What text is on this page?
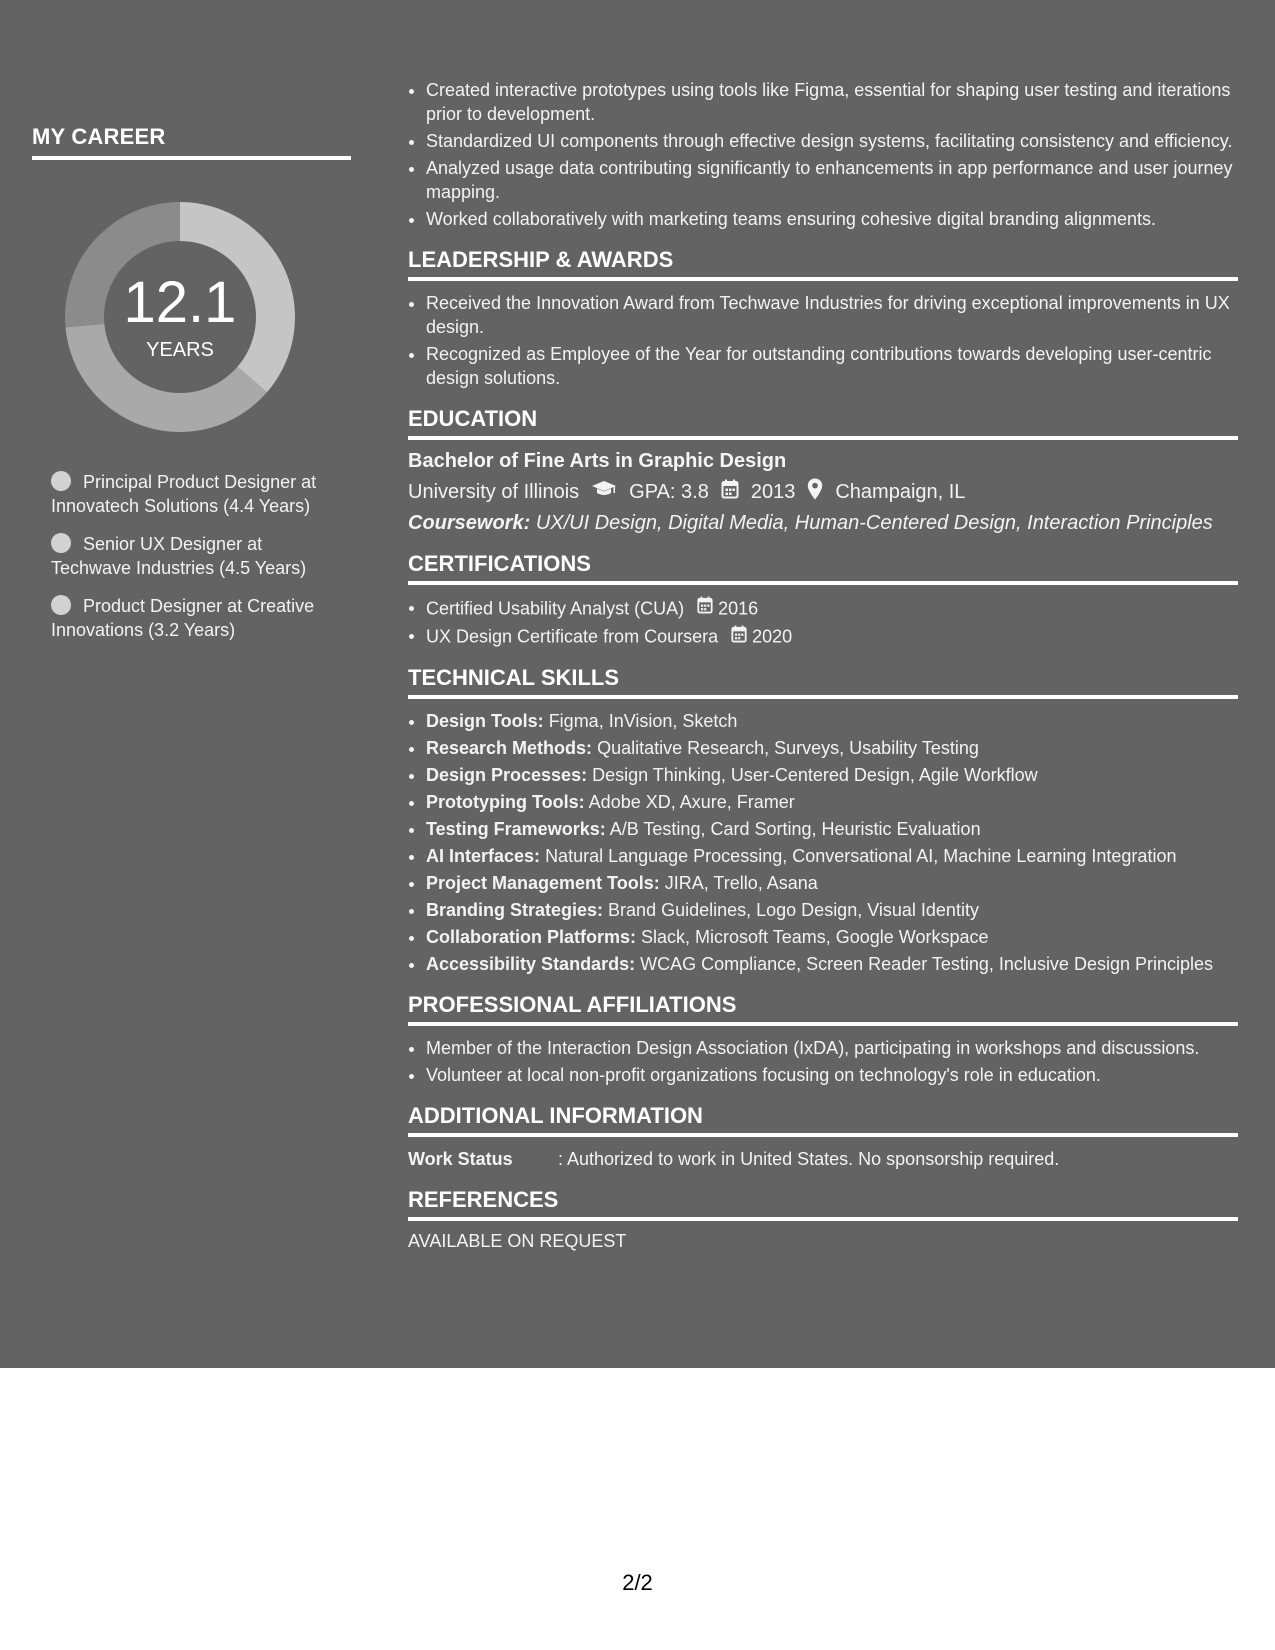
MY CAREER
12.1
YEARS
Principal Product Designer at Innovatech Solutions (4.4 Years)
Senior UX Designer at Techwave Industries (4.5 Years)
Product Designer at Creative Innovations (3.2 Years)
• Created interactive prototypes using tools like Figma, essential for shaping user testing and iterations prior to development.
• Standardized UI components through effective design systems, facilitating consistency and efficiency.
• Analyzed usage data contributing significantly to enhancements in app performance and user journey mapping.
• Worked collaboratively with marketing teams ensuring cohesive digital branding alignments.
LEADERSHIP & AWARDS
• Received the Innovation Award from Techwave Industries for driving exceptional improvements in UX design.
• Recognized as Employee of the Year for outstanding contributions towards developing user-centric design solutions.
EDUCATION
Bachelor of Fine Arts in Graphic Design
University of Illinois	GPA: 3.8 2013 Champaign, IL
Coursework: UX/UI Design, Digital Media, Human-Centered Design, Interaction Principles
CERTIFICATIONS
• Certified Usability Analyst (CUA) 2016
• UX Design Certificate from Coursera 2020
TECHNICAL SKILLS
• Design Tools: Figma, InVision, Sketch
• Research Methods: Qualitative Research, Surveys, Usability Testing
• Design Processes: Design Thinking, User-Centered Design, Agile Workflow
• Prototyping Tools: Adobe XD, Axure, Framer
• Testing Frameworks: A/B Testing, Card Sorting, Heuristic Evaluation
• AI Interfaces: Natural Language Processing, Conversational AI, Machine Learning Integration
• Project Management Tools: JIRA, Trello, Asana
• Branding Strategies: Brand Guidelines, Logo Design, Visual Identity
• Collaboration Platforms: Slack, Microsoft Teams, Google Workspace
• Accessibility Standards: WCAG Compliance, Screen Reader Testing, Inclusive Design Principles
PROFESSIONAL AFFILIATIONS
• Member of the Interaction Design Association (IxDA), participating in workshops and discussions.
• Volunteer at local non-profit organizations focusing on technology's role in education.
ADDITIONAL INFORMATION
Work Status	: Authorized to work in United States. No sponsorship required.
REFERENCES
AVAILABLE ON REQUEST
2/2
